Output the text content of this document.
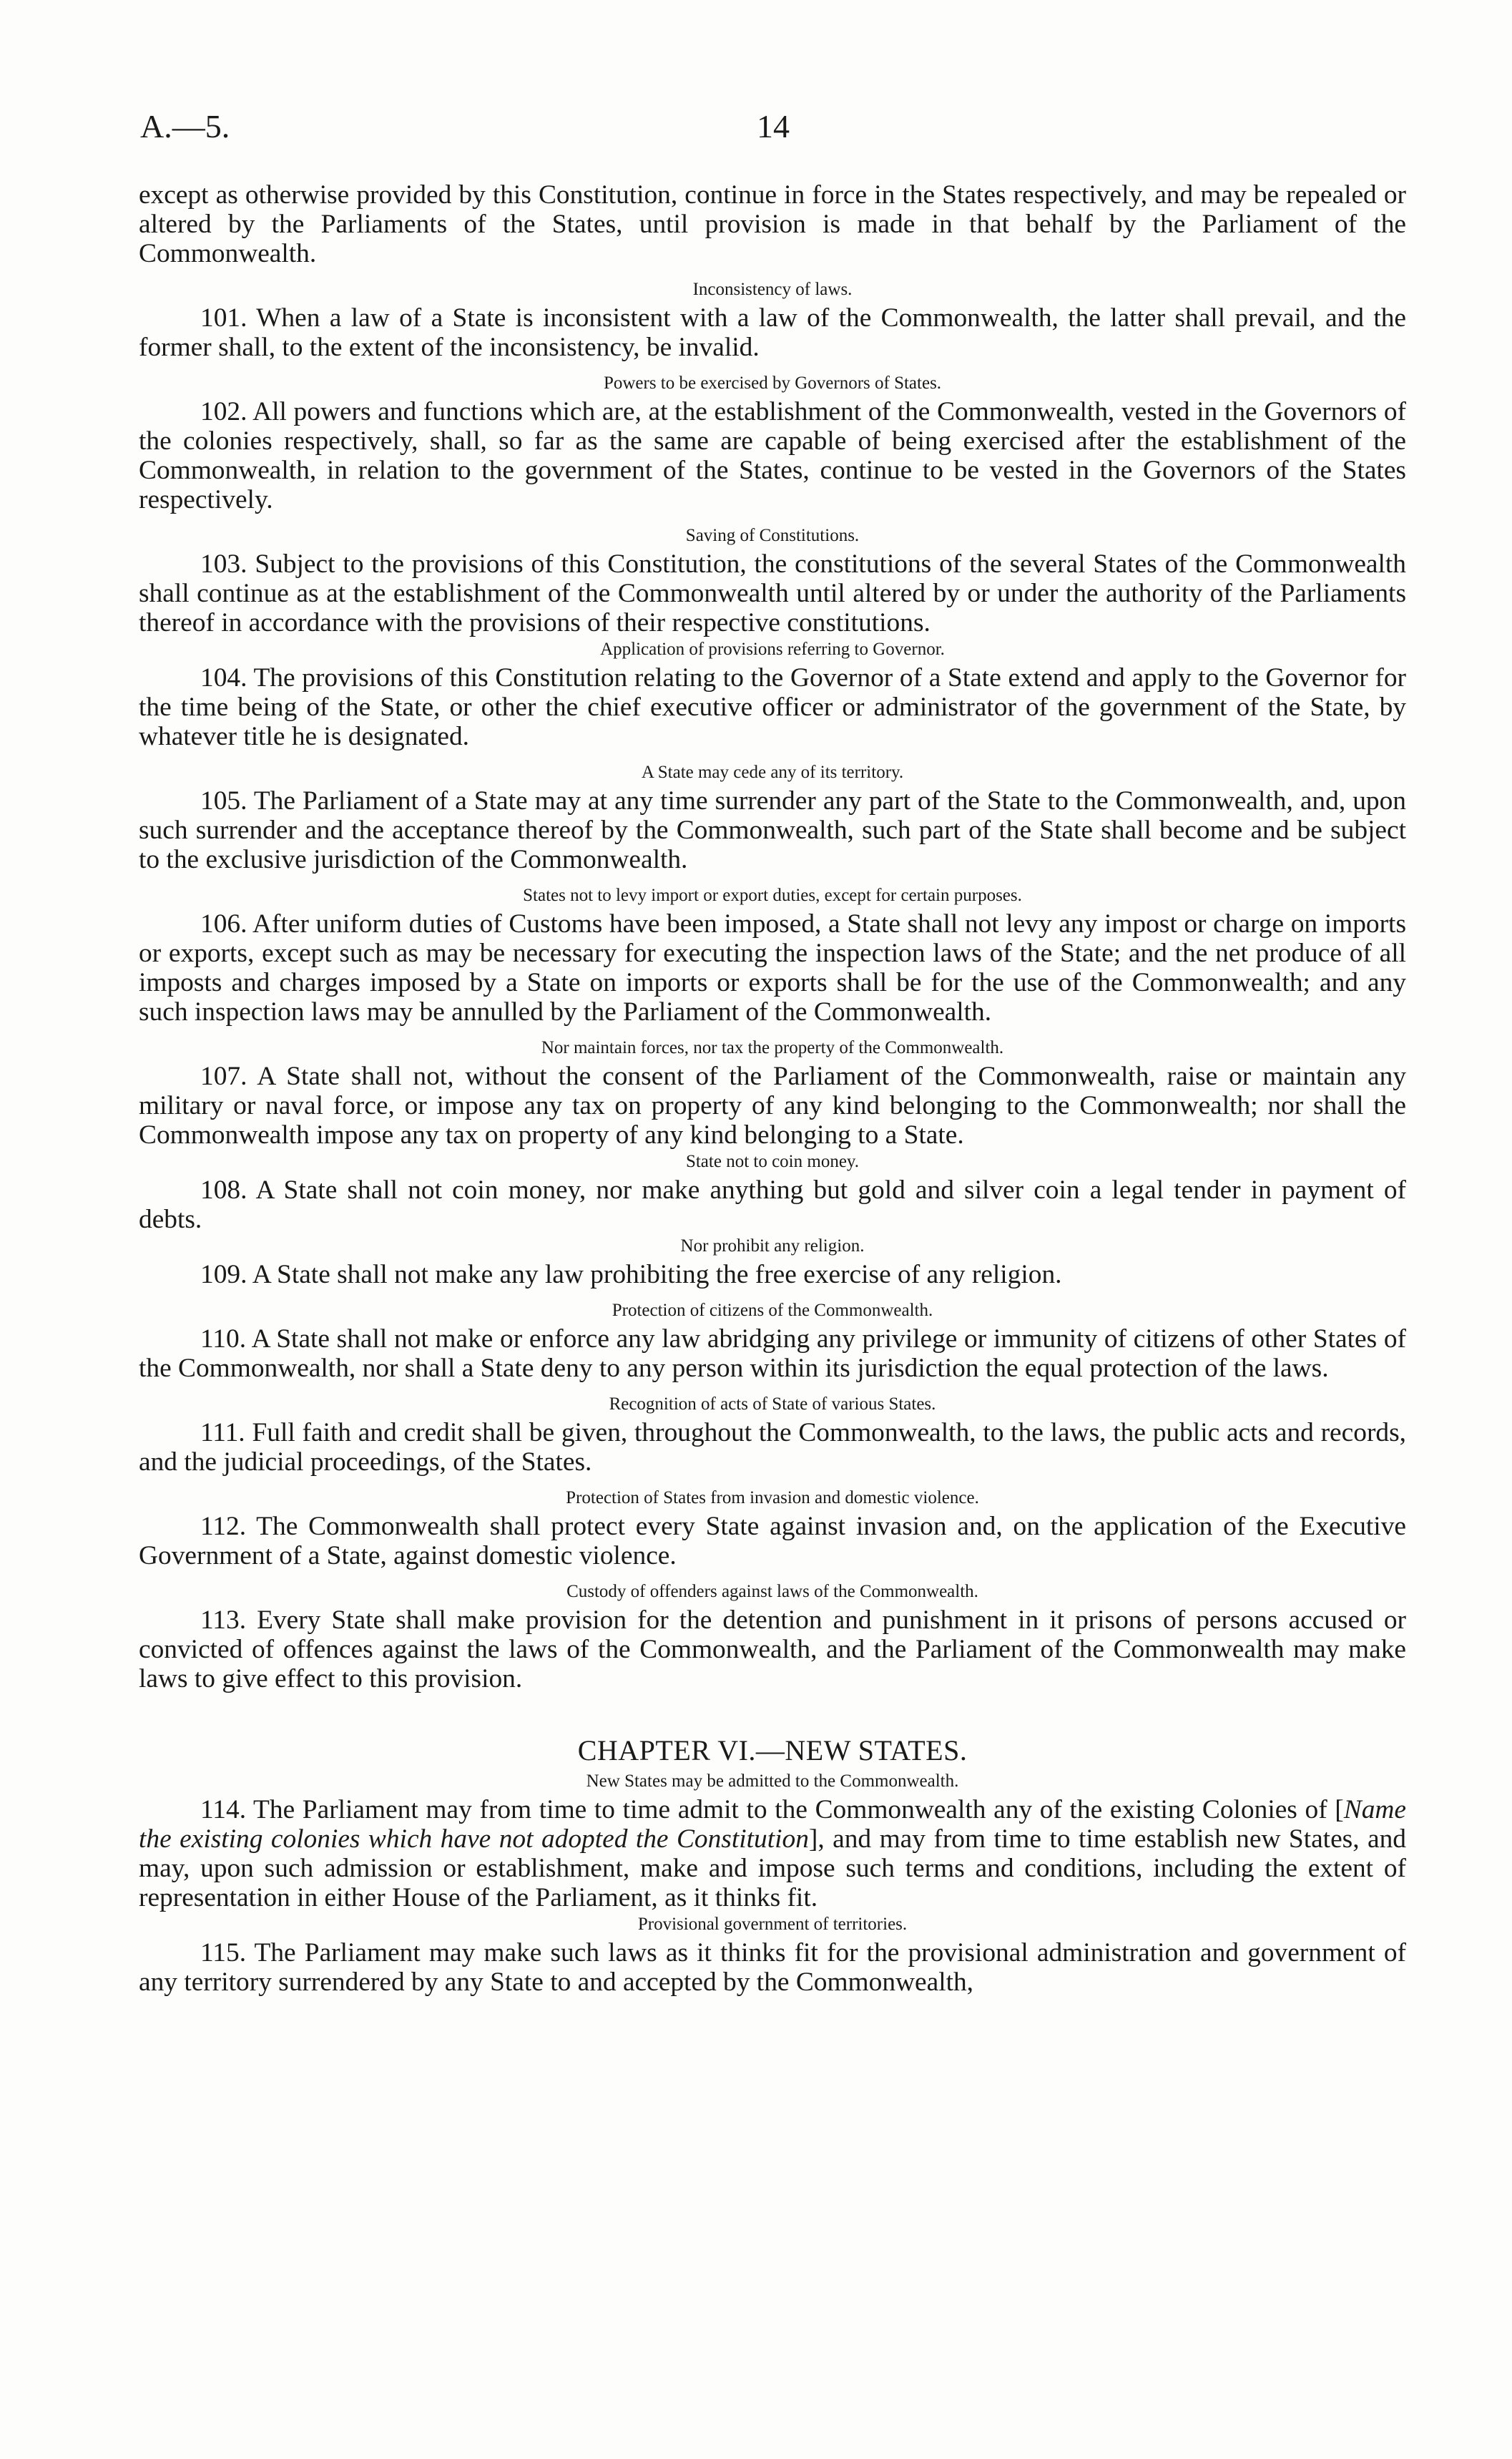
A.—5.	14

except as otherwise provided by this Constitution, continue in force in the States respectively, and may be repealed or altered by the Parliaments of the States, until provision is made in that behalf by the Parliament of the Commonwealth.

Inconsistency of laws.

101. When a law of a State is inconsistent with a law of the Commonwealth, the latter shall prevail, and the former shall, to the extent of the inconsistency, be invalid.

Powers to be exercised by Governors of States.

102. All powers and functions which are, at the establishment of the Commonwealth, vested in the Governors of the colonies respectively, shall, so far as the same are capable of being exercised after the establishment of the Commonwealth, in relation to the government of the States, continue to be vested in the Governors of the States respectively.

Saving of Constitutions.

103. Subject to the provisions of this Constitution, the constitutions of the several States of the Commonwealth shall continue as at the establishment of the Commonwealth until altered by or under the authority of the Parliaments thereof in accordance with the provisions of their respective constitutions.

Application of provisions referring to Governor.

104. The provisions of this Constitution relating to the Governor of a State extend and apply to the Governor for the time being of the State, or other the chief executive officer or administrator of the government of the State, by whatever title he is designated.

A State may cede any of its territory.

105. The Parliament of a State may at any time surrender any part of the State to the Commonwealth, and, upon such surrender and the acceptance thereof by the Commonwealth, such part of the State shall become and be subject to the exclusive jurisdiction of the Commonwealth.

States not to levy import or export duties, except for certain purposes.

106. After uniform duties of Customs have been imposed, a State shall not levy any impost or charge on imports or exports, except such as may be necessary for executing the inspection laws of the State; and the net produce of all imposts and charges imposed by a State on imports or exports shall be for the use of the Commonwealth; and any such inspection laws may be annulled by the Parliament of the Commonwealth.

Nor maintain forces, nor tax the property of the Commonwealth.

107. A State shall not, without the consent of the Parliament of the Commonwealth, raise or maintain any military or naval force, or impose any tax on property of any kind belonging to the Commonwealth; nor shall the Commonwealth impose any tax on property of any kind belonging to a State.

State not to coin money.

108. A State shall not coin money, nor make anything but gold and silver coin a legal tender in payment of debts.

Nor prohibit any religion.

109. A State shall not make any law prohibiting the free exercise of any religion.

Protection of citizens of the Commonwealth.

110. A State shall not make or enforce any law abridging any privilege or immunity of citizens of other States of the Commonwealth, nor shall a State deny to any person within its jurisdiction the equal protection of the laws.

Recognition of acts of State of various States.

111. Full faith and credit shall be given, throughout the Commonwealth, to the laws, the public acts and records, and the judicial proceedings, of the States.

Protection of States from invasion and domestic violence.

112. The Commonwealth shall protect every State against invasion and, on the application of the Executive Government of a State, against domestic violence.

Custody of offenders against laws of the Commonwealth.

113. Every State shall make provision for the detention and punishment in it prisons of persons accused or convicted of offences against the laws of the Commonwealth, and the Parliament of the Commonwealth may make laws to give effect to this provision.

CHAPTER VI.—NEW STATES.

New States may be admitted to the Commonwealth.

114. The Parliament may from time to time admit to the Commonwealth any of the existing Colonies of [Name the existing colonies which have not adopted the Constitution], and may from time to time establish new States, and may, upon such admission or establishment, make and impose such terms and conditions, including the extent of representation in either House of the Parliament, as it thinks fit.

Provisional government of territories.

115. The Parliament may make such laws as it thinks fit for the provisional administration and government of any territory surrendered by any State to and accepted by the Commonwealth,
